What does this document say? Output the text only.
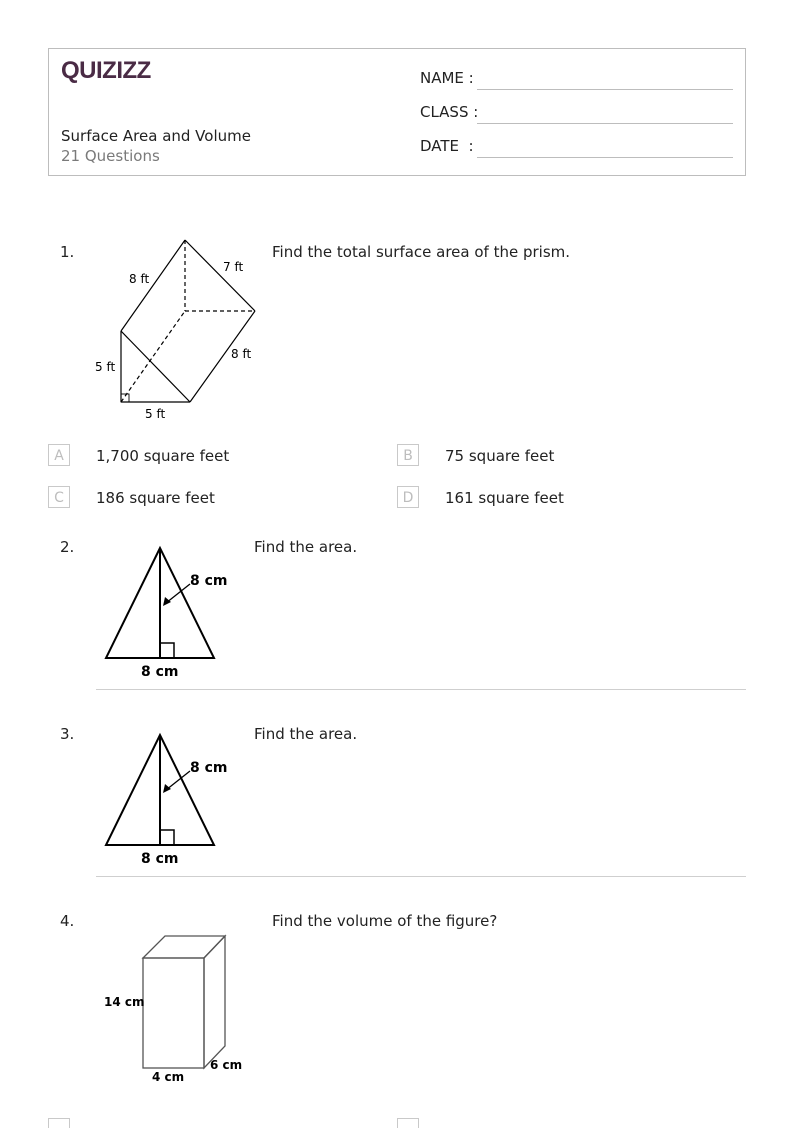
QUIZIZZ
Surface Area and Volume
21 Questions
NAME :
CLASS :
DATE  :
1.	Find the total surface area of the prism.
8 ft
7 ft
8 ft
5 ft
5 ft
A	1,700 square feet	B	75 square feet
C	186 square feet	D	161 square feet
2.	Find the area.
8 cm
8 cm
3.	Find the area.
8 cm
8 cm
4.	Find the volume of the figure?
14 cm
4 cm
6 cm
